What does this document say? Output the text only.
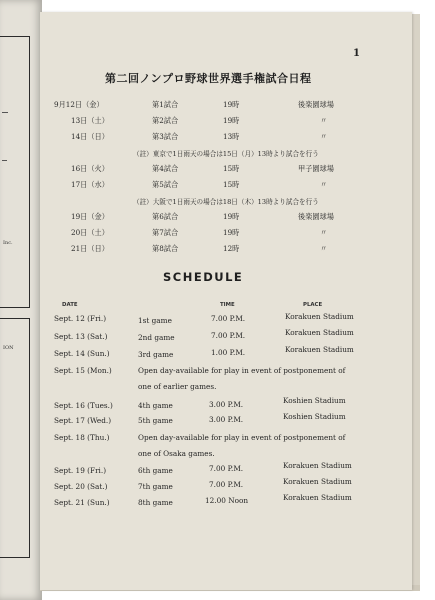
Inc.
ION
1
第二回ノンプロ野球世界選手権試合日程
9月12日（金）	第1試合	19時	後楽園球場
13日（土）	第2試合	19時	〃
14日（日）	第3試合	13時	〃
（註）東京で1日雨天の場合は15日（月）13時より試合を行う
16日（火）	第4試合	15時	甲子園球場
17日（水）	第5試合	15時	〃
（註）大阪で1日雨天の場合は18日（木）13時より試合を行う
19日（金）	第6試合	19時	後楽園球場
20日（土）	第7試合	19時	〃
21日（日）	第8試合	12時	〃
SCHEDULE
DATE	TIME	PLACE
Sept. 12 (Fri.)	1st game	7.00 P.M.	Korakuen Stadium
Sept. 13 (Sat.)	2nd game	7.00 P.M.	Korakuen Stadium
Sept. 14 (Sun.)	3rd game	1.00 P.M.	Korakuen Stadium
Sept. 15 (Mon.)	Open day-available for play in event of postponement of
one of earlier games.
Sept. 16 (Tues.)	4th game	3.00 P.M.	Koshien Stadium
Sept. 17 (Wed.)	5th game	3.00 P.M.	Koshien Stadium
Sept. 18 (Thu.)	Open day-available for play in event of postponement of
one of Osaka games.
Sept. 19 (Fri.)	6th game	7.00 P.M.	Korakuen Stadium
Sept. 20 (Sat.)	7th game	7.00 P.M.	Korakuen Stadium
Sept. 21 (Sun.)	8th game	12.00 Noon	Korakuen Stadium
